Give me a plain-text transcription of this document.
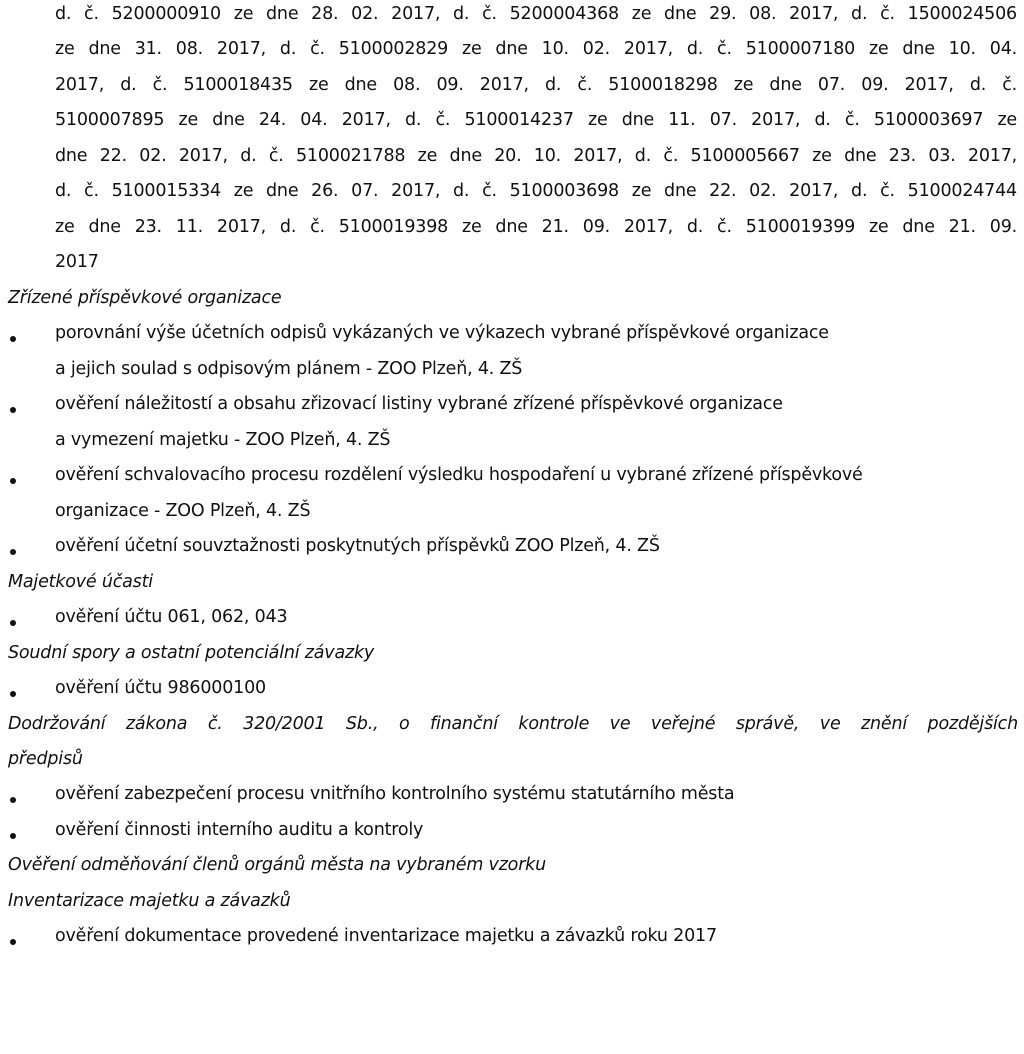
d. č. 5200000910 ze dne 28. 02. 2017, d. č. 5200004368 ze dne 29. 08. 2017, d. č. 1500024506
ze dne 31. 08. 2017, d. č. 5100002829 ze dne 10. 02. 2017, d. č. 5100007180 ze dne 10. 04.
2017, d. č. 5100018435 ze dne 08. 09. 2017, d. č. 5100018298 ze dne 07. 09. 2017, d. č.
5100007895 ze dne 24. 04. 2017, d. č. 5100014237 ze dne 11. 07. 2017, d. č. 5100003697 ze
dne 22. 02. 2017, d. č. 5100021788 ze dne 20. 10. 2017, d. č. 5100005667 ze dne 23. 03. 2017,
d. č. 5100015334 ze dne 26. 07. 2017, d. č. 5100003698 ze dne 22. 02. 2017, d. č. 5100024744
ze dne 23. 11. 2017, d. č. 5100019398 ze dne 21. 09. 2017, d. č. 5100019399 ze dne 21. 09.
2017
Zřízené příspěvkové organizace
porovnání výše účetních odpisů vykázaných ve výkazech vybrané příspěvkové organizace
a jejich soulad s odpisovým plánem - ZOO Plzeň, 4. ZŠ
ověření náležitostí a obsahu zřizovací listiny vybrané zřízené příspěvkové organizace
a vymezení majetku - ZOO Plzeň, 4. ZŠ
ověření schvalovacího procesu rozdělení výsledku hospodaření u vybrané zřízené příspěvkové
organizace - ZOO Plzeň, 4. ZŠ
ověření účetní souvztažnosti poskytnutých příspěvků ZOO Plzeň, 4. ZŠ
Majetkové účasti
ověření účtu 061, 062, 043
Soudní spory a ostatní potenciální závazky
ověření účtu 986000100
Dodržování zákona č. 320/2001 Sb., o finanční kontrole ve veřejné správě, ve znění pozdějších
předpisů
ověření zabezpečení procesu vnitřního kontrolního systému statutárního města
ověření činnosti interního auditu a kontroly
Ověření odměňování členů orgánů města na vybraném vzorku
Inventarizace majetku a závazků
ověření dokumentace provedené inventarizace majetku a závazků roku 2017
